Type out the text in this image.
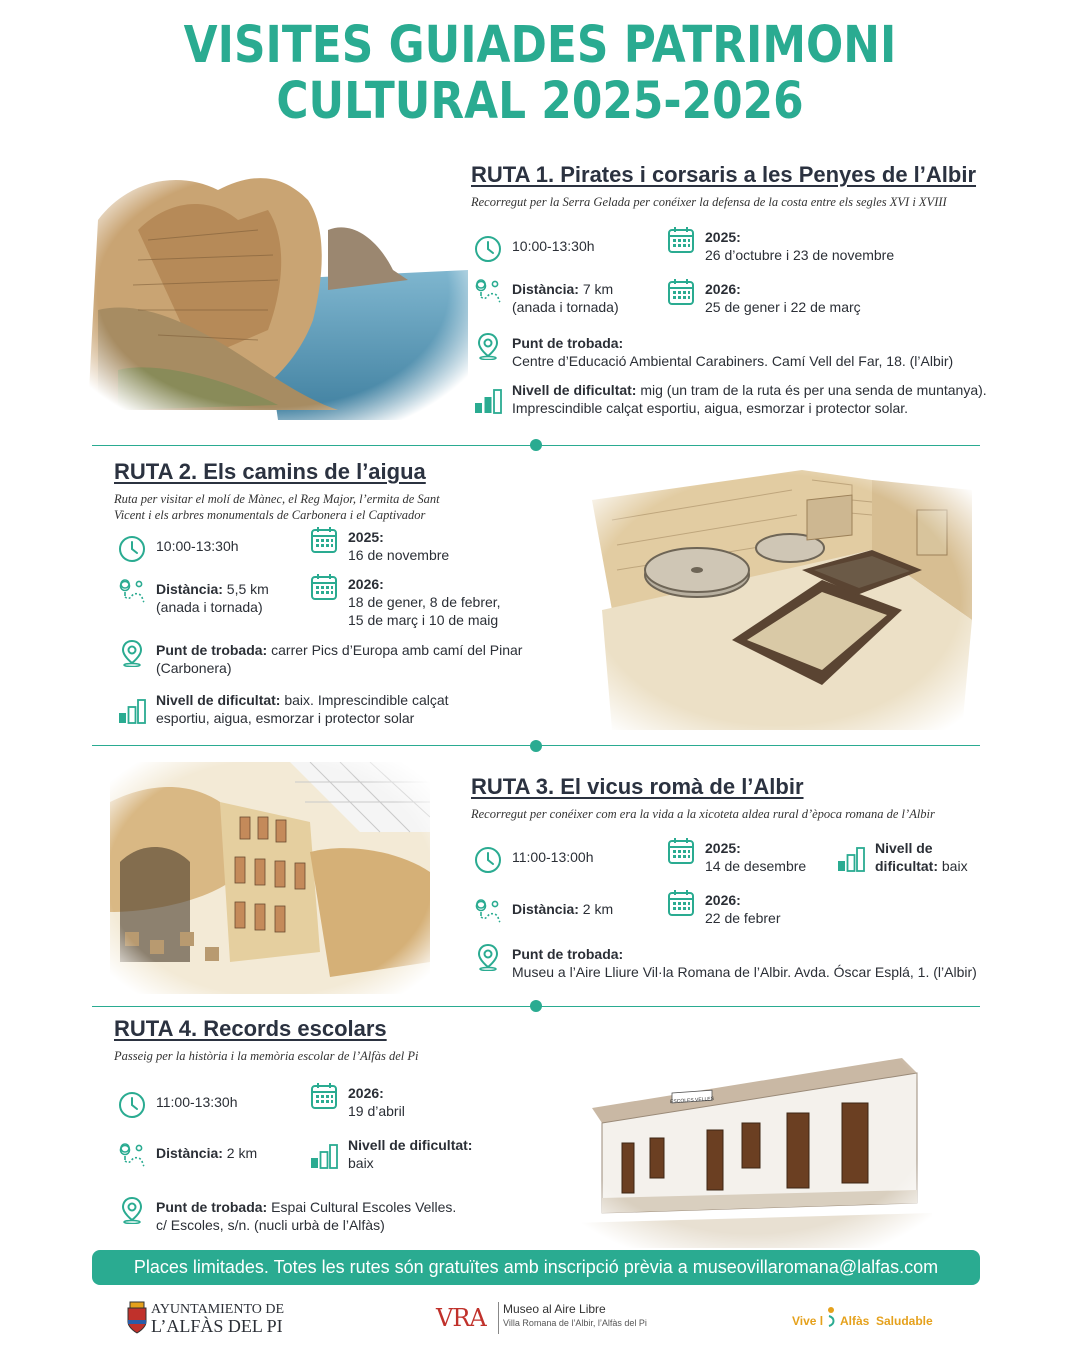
VISITES GUIADES PATRIMONI
CULTURAL 2025-2026
RUTA 1. Pirates i corsaris a les Penyes de l’Albir
Recorregut per la Serra Gelada per conéixer la defensa de la costa entre els segles XVI i XVIII
10:00-13:30h
2025:
26 d’octubre i 23 de novembre
Distància: 7 km
(anada i tornada)
2026:
25 de gener i 22 de març
Punt de trobada:
Centre d’Educació Ambiental Carabiners. Camí Vell del Far, 18. (l’Albir)
Nivell de dificultat: mig (un tram de la ruta és per una senda de muntanya).
Imprescindible calçat esportiu, aigua, esmorzar i protector solar.
RUTA 2. Els camins de l’aigua
Ruta per visitar el molí de Mànec, el Reg Major, l’ermita de Sant
Vicent i els arbres monumentals de Carbonera i el Captivador
10:00-13:30h
2025:
16 de novembre
Distància: 5,5 km
(anada i tornada)
2026:
18 de gener, 8 de febrer,
15 de març i 10 de maig
Punt de trobada: carrer Pics d’Europa amb camí del Pinar
(Carbonera)
Nivell de dificultat: baix. Imprescindible calçat
esportiu, aigua, esmorzar i protector solar
RUTA 3. El vicus romà de l’Albir
Recorregut per conéixer com era la vida a la xicoteta aldea rural d’època romana de l’Albir
11:00-13:00h
2025:
14 de desembre
Nivell de
dificultat: baix
Distància: 2 km
2026:
22 de febrer
Punt de trobada:
Museu a l’Aire Lliure Vil·la Romana de l’Albir. Avda. Óscar Esplá, 1. (l’Albir)
RUTA 4. Records escolars
Passeig per la història i la memòria escolar de l’Alfàs del Pi
11:00-13:30h
2026:
19 d’abril
Distància: 2 km	Nivell de dificultat:
baix
Punt de trobada: Espai Cultural Escoles Velles.
c/ Escoles, s/n. (nucli urbà de l’Alfàs)
Places limitades. Totes les rutes són gratuïtes amb inscripció prèvia a museovillaromana@lalfas.com
AYUNTAMIENTO DE
L’ALFÀS DEL PI	VRA Museo al Aire Libre
Villa Romana de l’Albir, l’Alfàs del Pi	Vive l Alfàs Saludable
